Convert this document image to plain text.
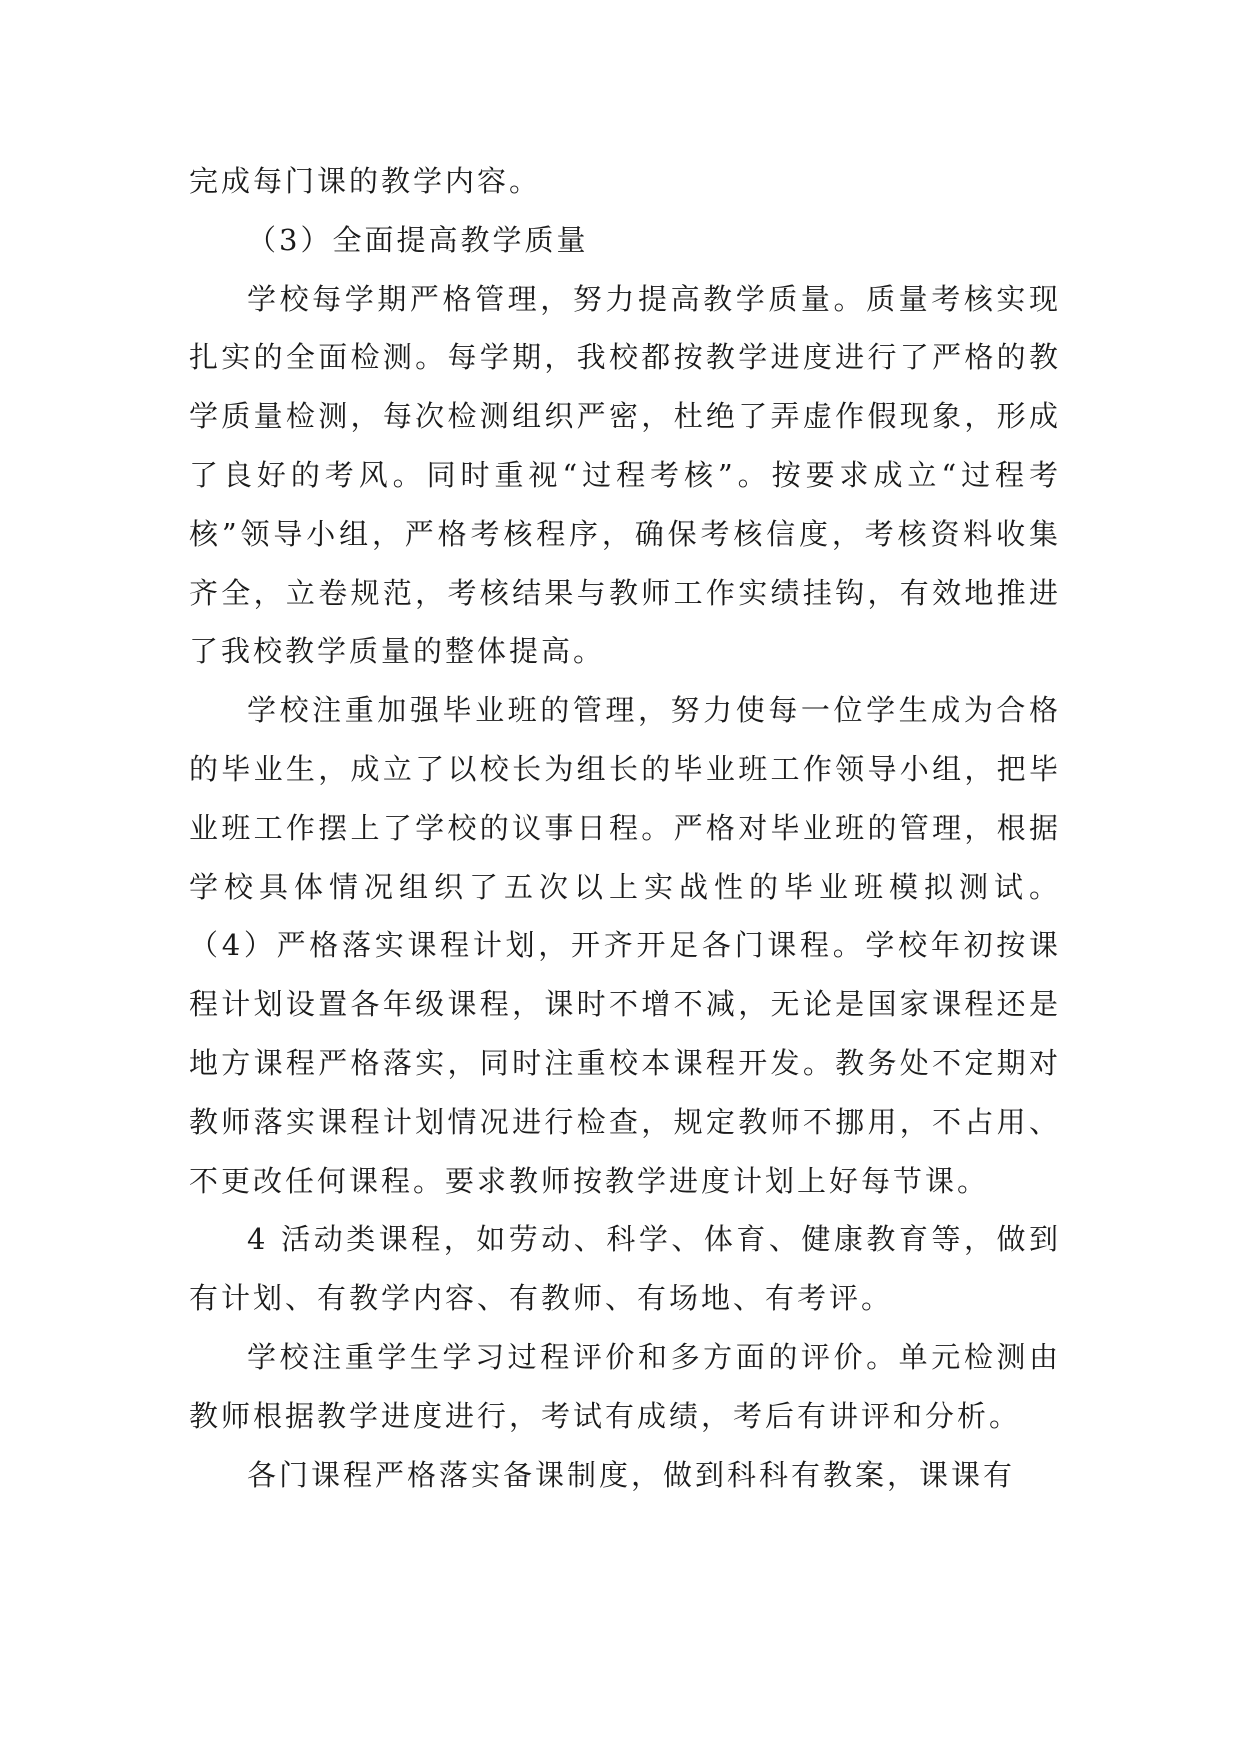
完成每门课的教学内容。

（3）全面提高教学质量

学校每学期严格管理，努力提高教学质量。质量考核实现扎实的全面检测。每学期，我校都按教学进度进行了严格的教学质量检测，每次检测组织严密，杜绝了弄虚作假现象，形成了良好的考风。同时重视“过程考核”。按要求成立“过程考核”领导小组，严格考核程序，确保考核信度，考核资料收集齐全，立卷规范，考核结果与教师工作实绩挂钩，有效地推进了我校教学质量的整体提高。

学校注重加强毕业班的管理，努力使每一位学生成为合格的毕业生，成立了以校长为组长的毕业班工作领导小组，把毕业班工作摆上了学校的议事日程。严格对毕业班的管理，根据学校具体情况组织了五次以上实战性的毕业班模拟测试。 （4）严格落实课程计划，开齐开足各门课程。学校年初按课程计划设置各年级课程，课时不增不减，无论是国家课程还是地方课程严格落实，同时注重校本课程开发。教务处不定期对教师落实课程计划情况进行检查，规定教师不挪用，不占用、不更改任何课程。要求教师按教学进度计划上好每节课。

4 活动类课程，如劳动、科学、体育、健康教育等，做到有计划、有教学内容、有教师、有场地、有考评。

学校注重学生学习过程评价和多方面的评价。单元检测由教师根据教学进度进行，考试有成绩，考后有讲评和分析。

各门课程严格落实备课制度，做到科科有教案，课课有
